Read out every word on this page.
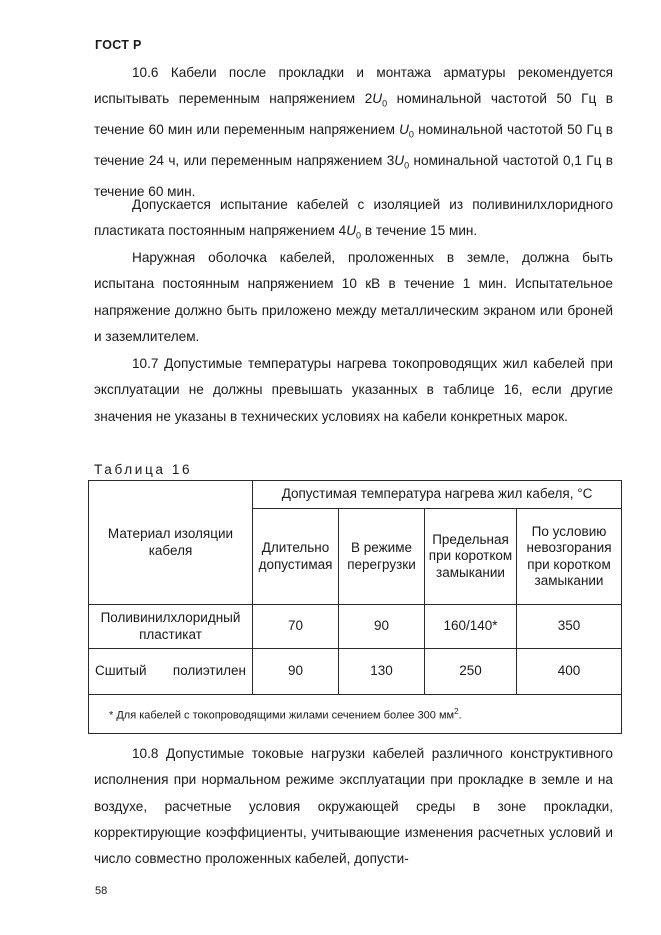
ГОСТ Р

10.6 Кабели после прокладки и монтажа арматуры рекомендуется испытывать переменным напряжением $2U_0$ номинальной частотой 50 Гц в течение 60 мин или переменным напряжением $U_0$ номинальной частотой 50 Гц в течение 24 ч, или переменным напряжением $3U_0$ номинальной частотой 0,1 Гц в течение 60 мин.

Допускается испытание кабелей с изоляцией из поливинилхлоридного пластиката постоянным напряжением $4U_0$ в течение 15 мин.

Наружная оболочка кабелей, проложенных в земле, должна быть испытана постоянным напряжением 10 кВ в течение 1 мин. Испытательное напряжение должно быть приложено между металлическим экраном или броней и заземлителем.

10.7 Допустимые температуры нагрева токопроводящих жил кабелей при эксплуатации не должны превышать указанных в таблице 16, если другие значения не указаны в технических условиях на кабели конкретных марок.

Таблица 16
Материал изоляции кабеля	Допустимая температура нагрева жил кабеля, °С			
	Длительно допустимая	В режиме перегрузки	Предельная при коротком замыкании	По условию невозгорания при коротком замыкании
Поливинилхлоридный пластикат	70	90	160/140*	350
Сшитый полиэтилен	90	130	250	400
* Для кабелей с токопроводящими жилами сечением более 300 мм$^2$.				

10.8 Допустимые токовые нагрузки кабелей различного конструктивного исполнения при нормальном режиме эксплуатации при прокладке в земле и на воздухе, расчетные условия окружающей среды в зоне прокладки, корректирующие коэффициенты, учитывающие изменения расчетных условий и число совместно проложенных кабелей, допусти-

58
